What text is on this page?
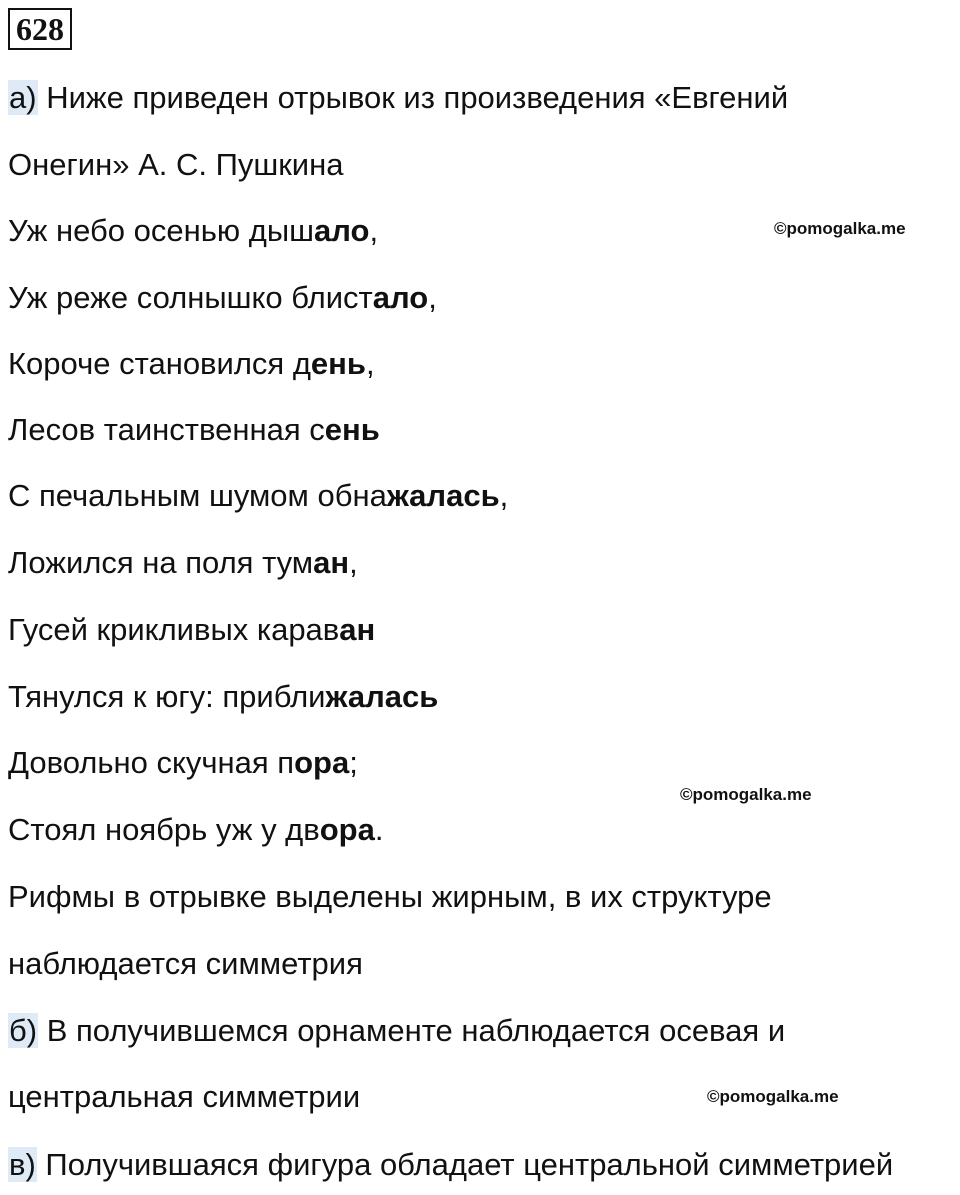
628
а) Ниже приведен отрывок из произведения «Евгений
Онегин» А. С. Пушкина
Уж небо осенью дышало,
Уж реже солнышко блистало,
Короче становился день,
Лесов таинственная сень
С печальным шумом обнажалась,
Ложился на поля туман,
Гусей крикливых караван
Тянулся к югу: приближалась
Довольно скучная пора;
Стоял ноябрь уж у двора.
Рифмы в отрывке выделены жирным, в их структуре
наблюдается симметрия
б) В получившемся орнаменте наблюдается осевая и
центральная симметрии
в) Получившаяся фигура обладает центральной симметрией
©pomogalka.me
©pomogalka.me
©pomogalka.me
